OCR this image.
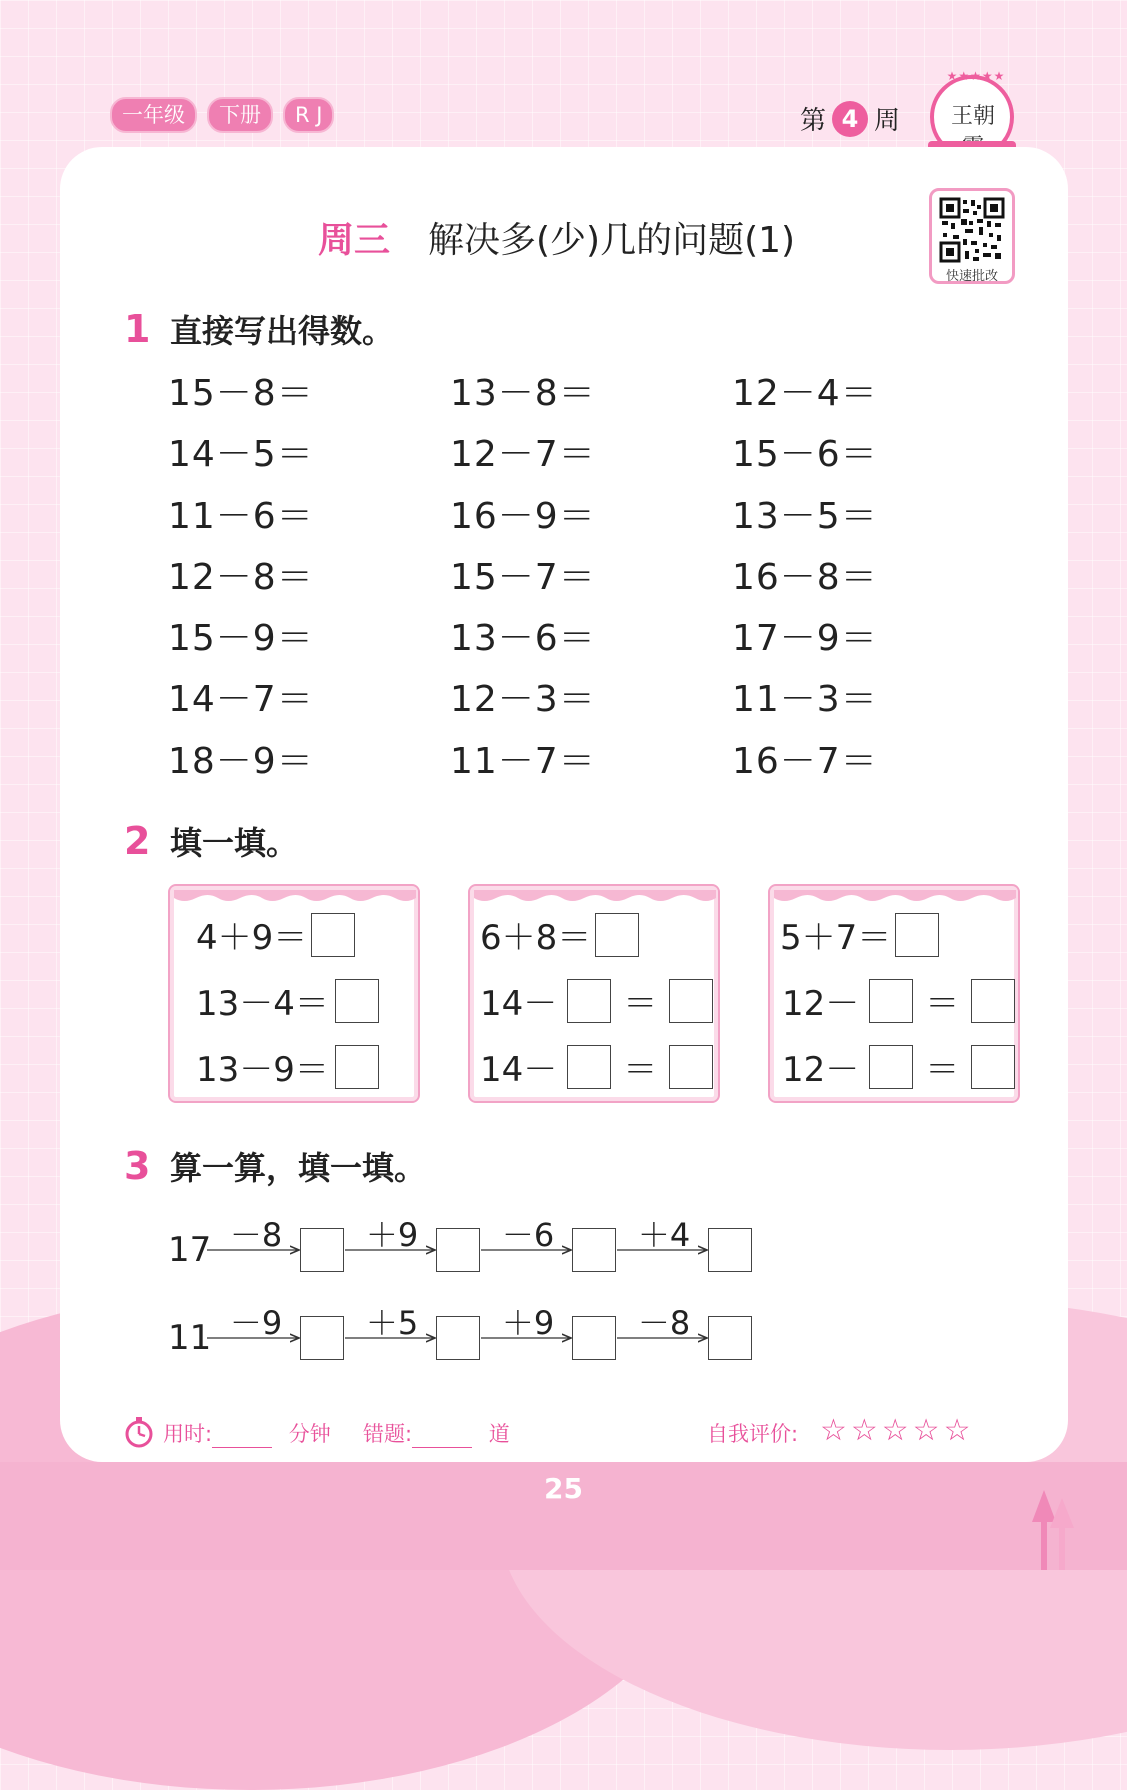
一年级	下册	R J	第 4 周
★★★★★
王朝
快速批改
周三 解决多(少)几的问题(1)
1 直接写出得数。
15－8＝	13－8＝	12－4＝
14－5＝	12－7＝	15－6＝
11－6＝	16－9＝	13－5＝
12－8＝	15－7＝	16－8＝
15－9＝	13－6＝	17－9＝
14－7＝	12－3＝	11－3＝
18－9＝	11－7＝	16－7＝
2 填一填。
4＋9＝
13－4＝
13－9＝
6＋8＝
14－ ＝
14－ ＝
5＋7＝
12－ ＝
12－ ＝
3 算一算，填一填。
17 －8	＋9	－6	＋4
11 －9	＋5	＋9	－8
用时:	分钟 错题:	道	自我评价: ☆☆☆☆☆
25
